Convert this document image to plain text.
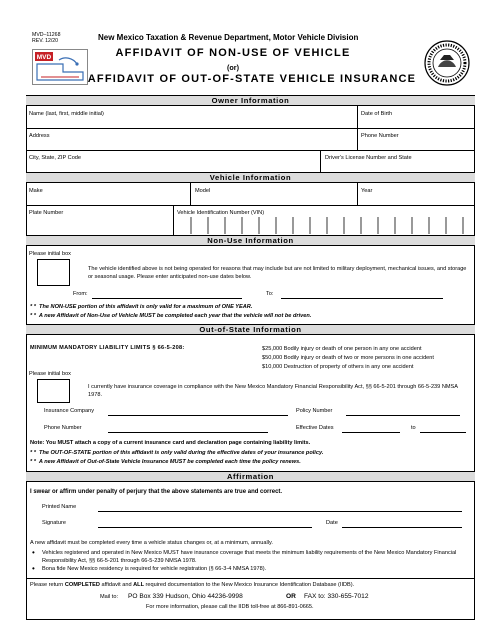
MVD–11268
REV. 12/20	New Mexico Taxation & Revenue Department, Motor Vehicle Division
MVD	AFFIDAVIT OF NON-USE OF VEHICLE
(or)
AFFIDAVIT OF OUT-OF-STATE VEHICLE INSURANCE
Owner Information
Name (last, first, middle initial)	Date of Birth
Address	Phone Number
City, State, ZIP Code	Driver's License Number and State
Vehicle Information
Make	Model	Year
Plate Number	Vehicle Identification Number (VIN)
Non-Use Information
Please initial box
The vehicle identified above is not being operated for reasons that may include but are not limited to military deployment, mechanical issues, and storage or seasonal usage. Please enter anticipated non-use dates below.
From:	To:
* * The NON-USE portion of this affidavit is only valid for a maximum of ONE YEAR.
* * A new Affidavit of Non-Use of Vehicle MUST be completed each year that the vehicle will not be driven.
Out-of-State Information
MINIMUM MANDATORY LIABILITY LIMITS § 66-5-208:	$25,000 Bodily injury or death of one person in any one accident
$50,000 Bodily injury or death of two or more persons in one accident
$10,000 Destruction of property of others in any one accident
Please initial box
I currently have insurance coverage in compliance with the New Mexico Mandatory Financial Responsibility Act, §§ 66-5-201 through 66-5-239 NMSA 1978.
Insurance Company	Policy Number
Phone Number	Effective Dates	to
Note: You MUST attach a copy of a current insurance card and declaration page containing liability limits.
* * The OUT-OF-STATE portion of this affidavit is only valid during the effective dates of your insurance policy.
* * A new Affidavit of Out-of-State Vehicle Insurance MUST be completed each time the policy renews.
Affirmation
I swear or affirm under penalty of perjury that the above statements are true and correct.
Printed Name
Signature	Date
A new affidavit must be completed every time a vehicle status changes or, at a minimum, annually.
•	Vehicles registered and operated in New Mexico MUST have insurance coverage that meets the minimum liability requirements of the New Mexico Mandatory Financial Responsibility Act, §§ 66-5-201 through 66-5-239 NMSA 1978.
•	Bona fide New Mexico residency is required for vehicle registration (§ 66-3-4 NMSA 1978).
Please return COMPLETED affidavit and ALL required documentation to the New Mexico Insurance Identification Database (IIDB).
Mail to: PO Box 339 Hudson, Ohio 44236-9998	OR FAX to: 330-655-7012
For more information, please call the IIDB toll-free at 866-891-0665.
